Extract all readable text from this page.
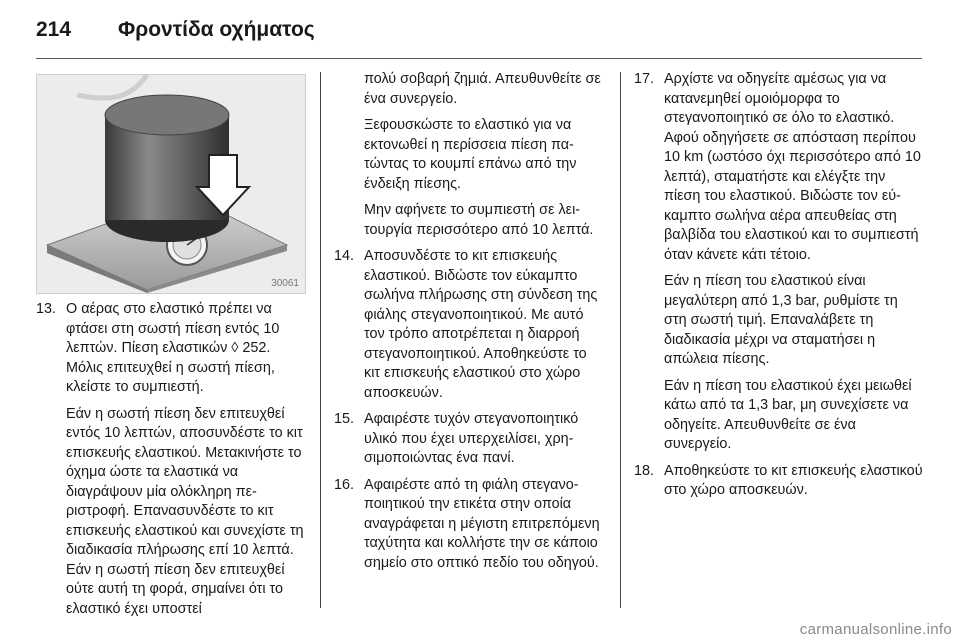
214	Φροντίδα οχήματος
30061
13. Ο αέρας στο ελαστικό πρέπει να φτάσει στη σωστή πίεση εντός 10 λεπτών. Πίεση ελαστικών ◊ 252. Μόλις επιτευχθεί η σωστή πίεση, κλείστε το συμπιεστή.

Εάν η σωστή πίεση δεν επιτευχθεί εντός 10 λεπτών, αποσυνδέστε το κιτ επισκευής ελαστικού. Μετακινήστε το όχημα ώστε τα ελαστικά να διαγράψουν μία ολόκληρη περιστροφή. Επανασυνδέστε το κιτ επισκευής ελαστικού και συνεχίστε τη διαδικασία πλήρωσης επί 10 λεπτά. Εάν η σωστή πίεση δεν επιτευχθεί ούτε αυτή τη φορά, σημαίνει ότι το ελαστικό έχει υποστεί

πολύ σοβαρή ζημιά. Απευθυνθείτε σε ένα συνεργείο.

Ξεφουσκώστε το ελαστικό για να εκτονωθεί η περίσσεια πίεση πατώντας το κουμπί επάνω από την ένδειξη πίεσης.

Μην αφήνετε το συμπιεστή σε λειτουργία περισσότερο από 10 λεπτά.

14. Αποσυνδέστε το κιτ επισκευής ελαστικού. Βιδώστε τον εύκαμπτο σωλήνα πλήρωσης στη σύνδεση της φιάλης στεγανοποιητικού. Με αυτό τον τρόπο αποτρέπεται η διαρροή στεγανοποιητικού. Αποθηκεύστε το κιτ επισκευής ελαστικού στο χώρο αποσκευών.
15. Αφαιρέστε τυχόν στεγανοποιητικό υλικό που έχει υπερχειλίσει, χρησιμοποιώντας ένα πανί.
16. Αφαιρέστε από τη φιάλη στεγανοποιητικού την ετικέτα στην οποία αναγράφεται η μέγιστη επιτρεπόμενη ταχύτητα και κολλήστε την σε κάποιο σημείο στο οπτικό πεδίο του οδηγού.
17. Αρχίστε να οδηγείτε αμέσως για να κατανεμηθεί ομοιόμορφα το στεγανοποιητικό σε όλο το ελαστικό. Αφού οδηγήσετε σε απόσταση περίπου 10 km (ωστόσο όχι περισσότερο από 10 λεπτά), σταματήστε και ελέγξτε την πίεση του ελαστικού. Βιδώστε τον εύκαμπτο σωλήνα αέρα απευθείας στη βαλβίδα του ελαστικού και το συμπιεστή όταν κάνετε κάτι τέτοιο.

Εάν η πίεση του ελαστικού είναι μεγαλύτερη από 1,3 bar, ρυθμίστε τη στη σωστή τιμή. Επαναλάβετε τη διαδικασία μέχρι να σταματήσει η απώλεια πίεσης.

Εάν η πίεση του ελαστικού έχει μειωθεί κάτω από τα 1,3 bar, μη συνεχίσετε να οδηγείτε. Απευθυνθείτε σε ένα συνεργείο.

18. Αποθηκεύστε το κιτ επισκευής ελαστικού στο χώρο αποσκευών.
carmanualsonline.info
